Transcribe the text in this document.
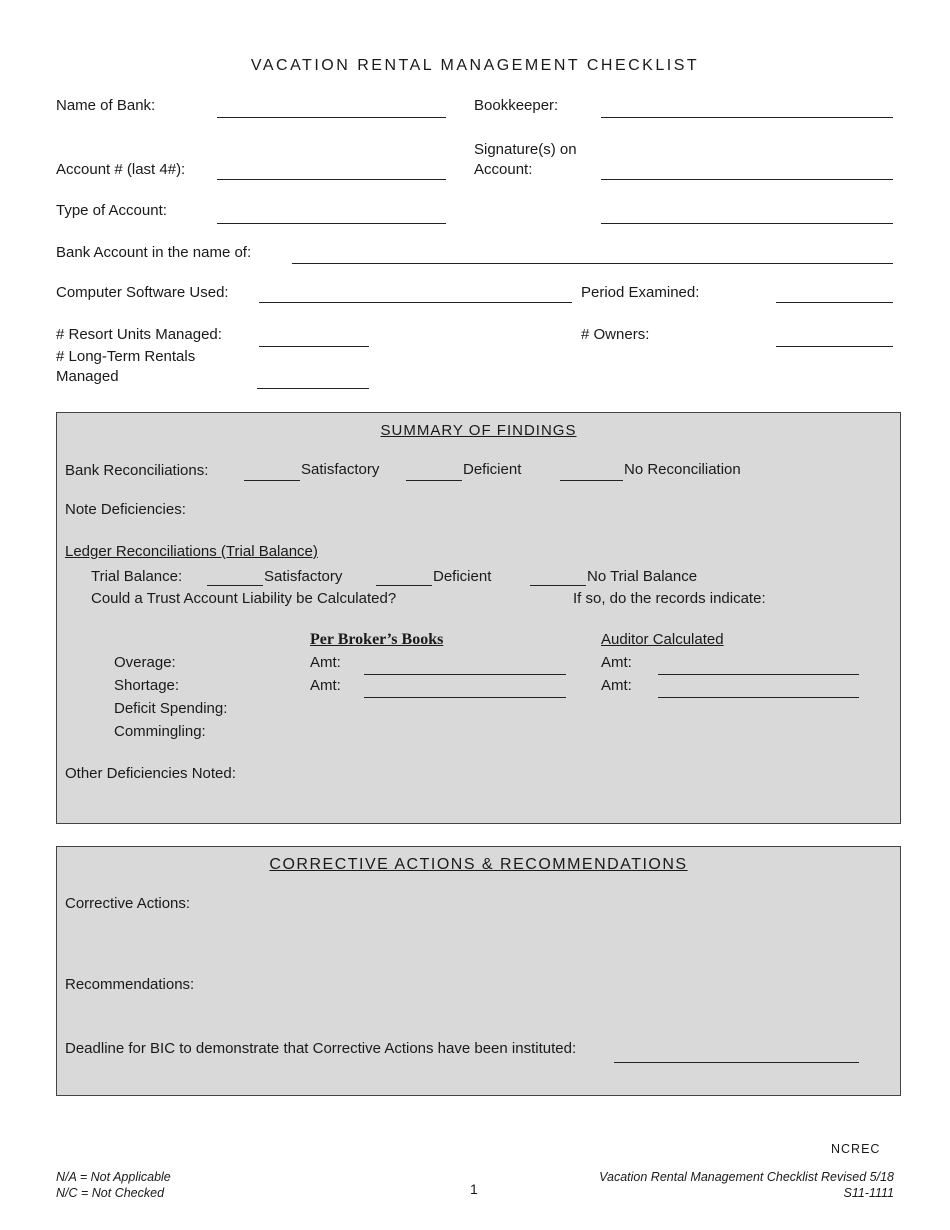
VACATION RENTAL MANAGEMENT CHECKLIST
Name of Bank:	Bookkeeper:
Account # (last 4#):
Signature(s) on
Account:
Type of Account:
Bank Account in the name of:
Computer Software Used:	Period Examined:
# Resort Units Managed:	# Owners:
# Long-Term Rentals
Managed
SUMMARY OF FINDINGS
Bank Reconciliations:	Satisfactory	Deficient	No Reconciliation
Note Deficiencies:
Ledger Reconciliations (Trial Balance)
Trial Balance:	Satisfactory	Deficient	No Trial Balance
Could a Trust Account Liability be Calculated?	If so, do the records indicate:
Per Broker’s Books	Auditor Calculated
Overage:	Amt:	Amt:
Shortage:	Amt:	Amt:
Deficit Spending:
Commingling:
Other Deficiencies Noted:
CORRECTIVE ACTIONS & RECOMMENDATIONS
Corrective Actions:
Recommendations:
Deadline for BIC to demonstrate that Corrective Actions have been instituted:
NCREC
N/A = Not Applicable
N/C = Not Checked	1
Vacation Rental Management Checklist Revised 5/18
S11-1111
